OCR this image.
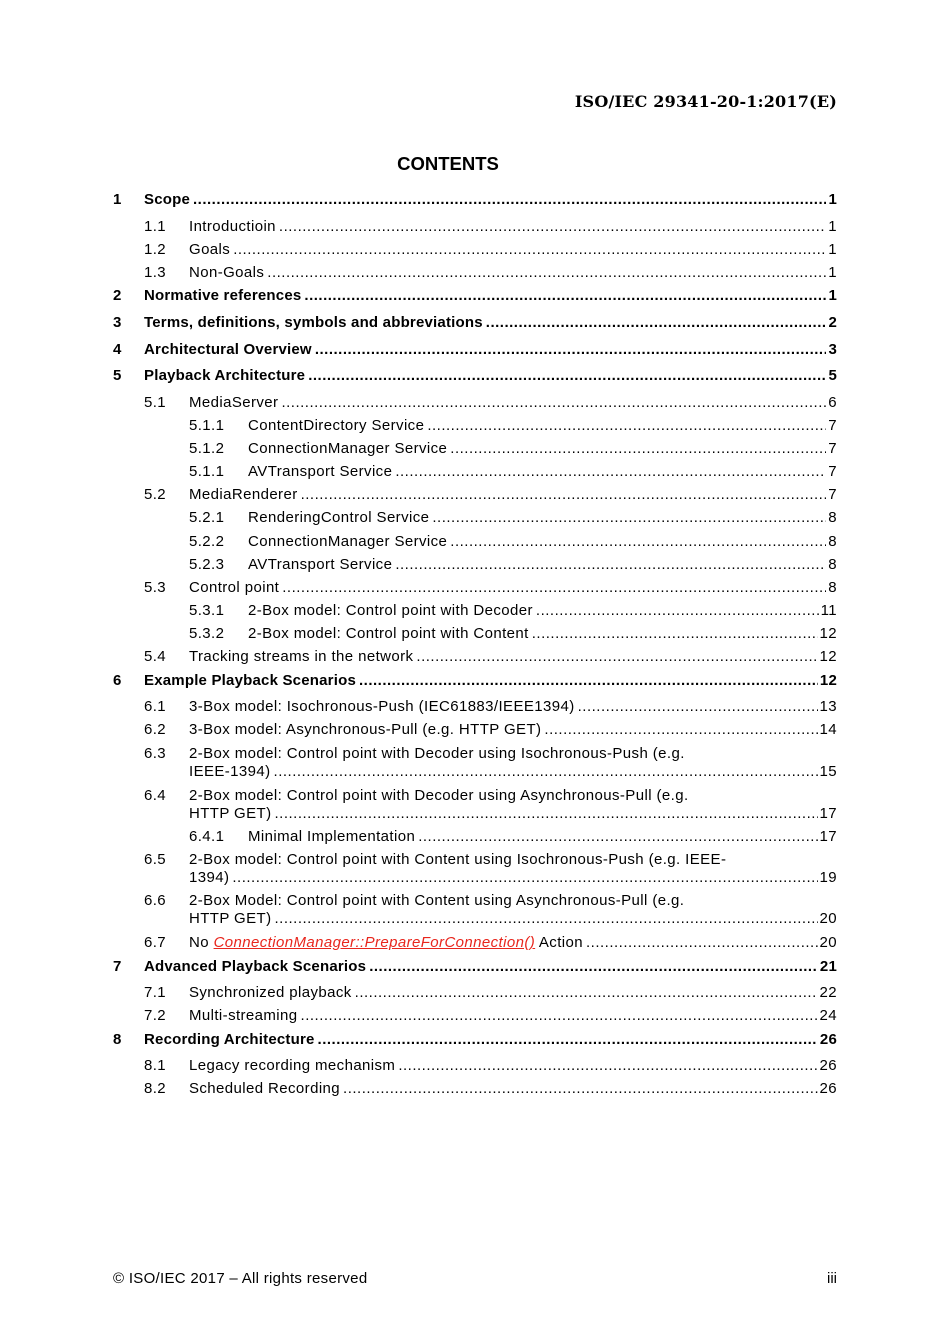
ISO/IEC 29341-20-1:2017(E)
CONTENTS
1 Scope .....	1
1.1 Introductioin .....	1
1.2 Goals .....	1
1.3 Non-Goals .....	1
2 Normative references .....	1
3 Terms, definitions, symbols and abbreviations .....	2
4 Architectural Overview .....	3
5 Playback Architecture .....	5
5.1 MediaServer .....	6
5.1.1 ContentDirectory Service .....	7
5.1.2 ConnectionManager Service .....	7
5.1.1 AVTransport Service .....	7
5.2 MediaRenderer .....	7
5.2.1 RenderingControl Service .....	8
5.2.2 ConnectionManager Service .....	8
5.2.3 AVTransport Service .....	8
5.3 Control point .....	8
5.3.1 2-Box model: Control point with Decoder .....	11
5.3.2 2-Box model: Control point with Content .....	12
5.4 Tracking streams in the network .....	12
6 Example Playback Scenarios .....	12
6.1 3-Box model: Isochronous-Push (IEC61883/IEEE1394) .....	13
6.2 3-Box model: Asynchronous-Pull (e.g. HTTP GET) .....	14
6.3 2-Box model: Control point with Decoder using Isochronous-Push (e.g.
IEEE-1394) .....	15
6.4 2-Box model: Control point with Decoder using Asynchronous-Pull (e.g.
HTTP GET) .....	17
6.4.1 Minimal Implementation .....	17
6.5 2-Box model: Control point with Content using Isochronous-Push (e.g. IEEE-
1394) .....	19
6.6 2-Box Model: Control point with Content using Asynchronous-Pull (e.g.
HTTP GET) .....	20
6.7 No ConnectionManager::PrepareForConnection() Action .....	20
7 Advanced Playback Scenarios .....	21
7.1 Synchronized playback .....	22
7.2 Multi-streaming .....	24
8 Recording Architecture .....	26
8.1 Legacy recording mechanism .....	26
8.2 Scheduled Recording .....	26
© ISO/IEC 2017 – All rights reserved	iii
